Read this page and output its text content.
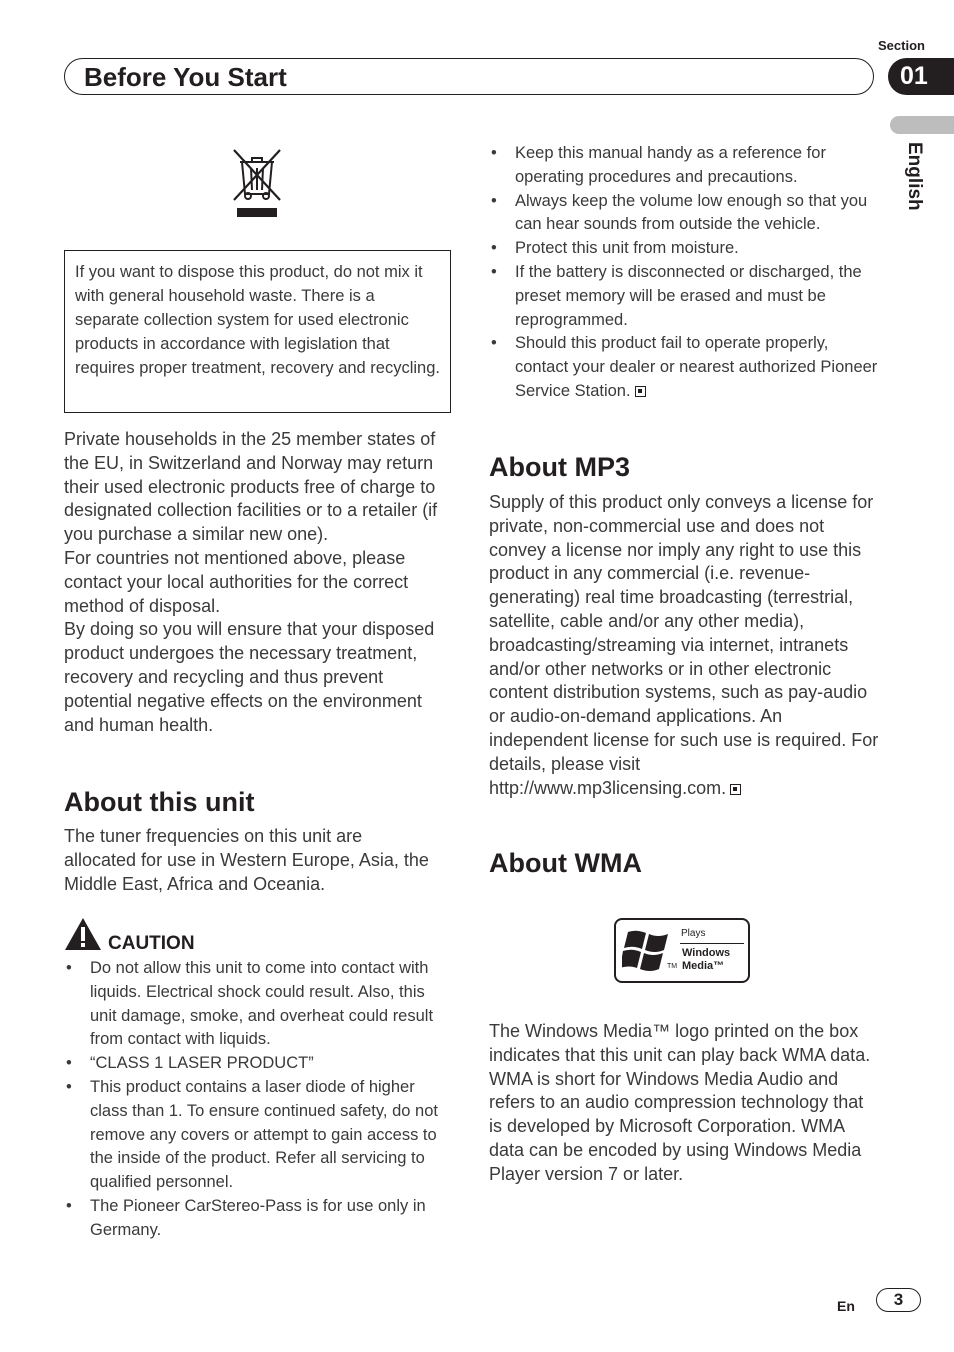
Section
Before You Start	01
English
If you want to dispose this product, do not mix it with general household waste. There is a separate collection system for used electronic products in accordance with legislation that requires proper treatment, recovery and recycling.
Private households in the 25 member states of the EU, in Switzerland and Norway may return their used electronic products free of charge to designated collection facilities or to a retailer (if you purchase a similar new one).
For countries not mentioned above, please contact your local authorities for the correct method of disposal.
By doing so you will ensure that your disposed product undergoes the necessary treatment, recovery and recycling and thus prevent potential negative effects on the environment and human health.
About this unit
The tuner frequencies on this unit are allocated for use in Western Europe, Asia, the Middle East, Africa and Oceania.
CAUTION
• Do not allow this unit to come into contact with liquids. Electrical shock could result. Also, this unit damage, smoke, and overheat could result from contact with liquids.
• “CLASS 1 LASER PRODUCT”
• This product contains a laser diode of higher class than 1. To ensure continued safety, do not remove any covers or attempt to gain access to the inside of the product. Refer all servicing to qualified personnel.
• The Pioneer CarStereo-Pass is for use only in Germany.
• Keep this manual handy as a reference for operating procedures and precautions.
• Always keep the volume low enough so that you can hear sounds from outside the vehicle.
• Protect this unit from moisture.
• If the battery is disconnected or discharged, the preset memory will be erased and must be reprogrammed.
• Should this product fail to operate properly, contact your dealer or nearest authorized Pioneer Service Station.
About MP3
Supply of this product only conveys a license for private, non-commercial use and does not convey a license nor imply any right to use this product in any commercial (i.e. revenue-generating) real time broadcasting (terrestrial, satellite, cable and/or any other media), broadcasting/streaming via internet, intranets and/or other networks or in other electronic content distribution systems, such as pay-audio or audio-on-demand applications. An independent license for such use is required. For details, please visit
http://www.mp3licensing.com.
About WMA
TM
Plays
Windows
Media™
The Windows Media™ logo printed on the box indicates that this unit can play back WMA data.
WMA is short for Windows Media Audio and refers to an audio compression technology that is developed by Microsoft Corporation. WMA data can be encoded by using Windows Media Player version 7 or later.
En	3
